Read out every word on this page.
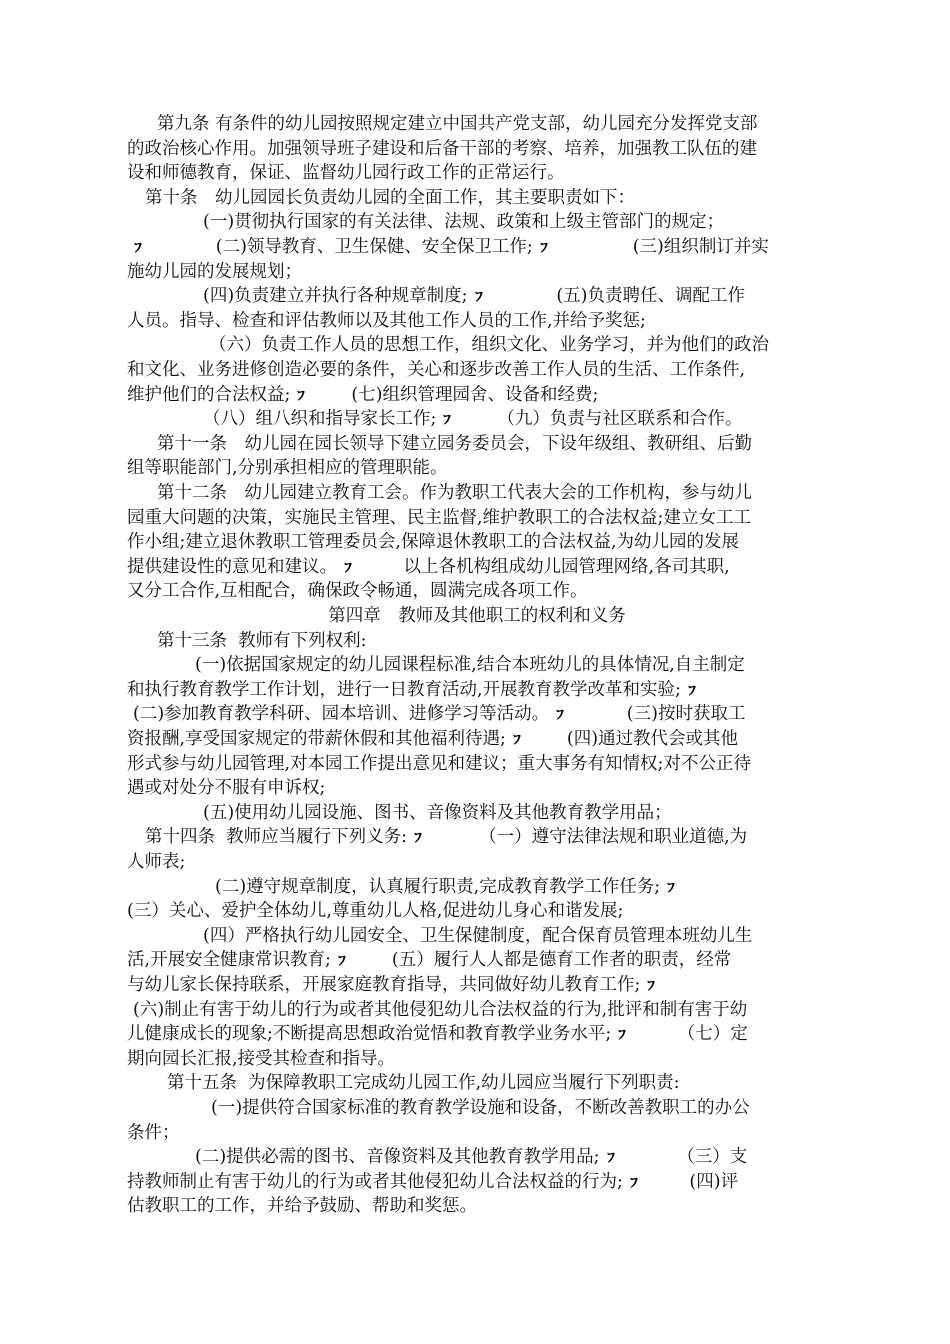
第九条 有条件的幼儿园按照规定建立中国共产党支部，幼儿园充分发挥党支部
的政治核心作用。加强领导班子建设和后备干部的考察、培养，加强教工队伍的建
设和师德教育，保证、监督幼儿园行政工作的正常运行。
第十条　幼儿园园长负责幼儿园的全面工作，其主要职责如下：
(一)贯彻执行国家的有关法律、法规、政策和上级主管部门的规定；
ﾌ            (二)领导教育、卫生保健、安全保卫工作; ﾌ              (三)组织制订并实
施幼儿园的发展规划；
(四)负责建立并执行各种规章制度; ﾌ            (五)负责聘任、调配工作
人员。指导、检查和评估教师以及其他工作人员的工作,并给予奖惩;
（六）负责工作人员的思想工作，组织文化、业务学习，并为他们的政治
和文化、业务进修创造必要的条件，关心和逐步改善工作人员的生活、工作条件,
维护他们的合法权益; ﾌ       (七)组织管理园舍、设备和经费;
（八）组八织和指导家长工作; ﾌ       （九）负责与社区联系和合作。
第十一条　幼儿园在园长领导下建立园务委员会，下设年级组、教研组、后勤
组等职能部门,分别承担相应的管理职能。
第十二条　幼儿园建立教育工会。作为教职工代表大会的工作机构，参与幼儿
园重大问题的决策，实施民主管理、民主监督,维护教职工的合法权益;建立女工工
作小组;建立退休教职工管理委员会,保障退休教职工的合法权益,为幼儿园的发展
提供建设性的意见和建议。 ﾌ        以上各机构组成幼儿园管理网络,各司其职,
又分工合作,互相配合，确保政令畅通，圆满完成各项工作。
第四章　教师及其他职工的权利和义务
第十三条  教师有下列权利:
(一)依据国家规定的幼儿园课程标准,结合本班幼儿的具体情况,自主制定
和执行教育教学工作计划，进行一日教育活动,开展教育教学改革和实验; ﾌ
(二)参加教育教学科研、园本培训、进修学习等活动。 ﾌ          (三)按时获取工
资报酬,享受国家规定的带薪休假和其他福利待遇; ﾌ       (四)通过教代会或其他
形式参与幼儿园管理,对本园工作提出意见和建议；重大事务有知情权;对不公正待
遇或对处分不服有申诉权;
(五)使用幼儿园设施、图书、音像资料及其他教育教学用品；
第十四条  教师应当履行下列义务: ﾌ         （一）遵守法律法规和职业道德,为
人师表;
(二)遵守规章制度，认真履行职责,完成教育教学工作任务; ﾌ
(三）关心、爱护全体幼儿,尊重幼儿人格,促进幼儿身心和谐发展;
(四）严格执行幼儿园安全、卫生保健制度，配合保育员管理本班幼儿生
活,开展安全健康常识教育; ﾌ       (五）履行人人都是德育工作者的职责，经常
与幼儿家长保持联系，开展家庭教育指导，共同做好幼儿教育工作; ﾌ
(六)制止有害于幼儿的行为或者其他侵犯幼儿合法权益的行为,批评和制有害于幼
儿健康成长的现象;不断提高思想政治觉悟和教育教学业务水平; ﾌ        （七）定
期向园长汇报,接受其检查和指导。
第十五条  为保障教职工完成幼儿园工作,幼儿园应当履行下列职责:
(一)提供符合国家标准的教育教学设施和设备，不断改善教职工的办公
条件；
(二)提供必需的图书、音像资料及其他教育教学用品; ﾌ          （三）支
持教师制止有害于幼儿的行为或者其他侵犯幼儿合法权益的行为; ﾌ        (四)评
估教职工的工作，并给予鼓励、帮助和奖惩。
